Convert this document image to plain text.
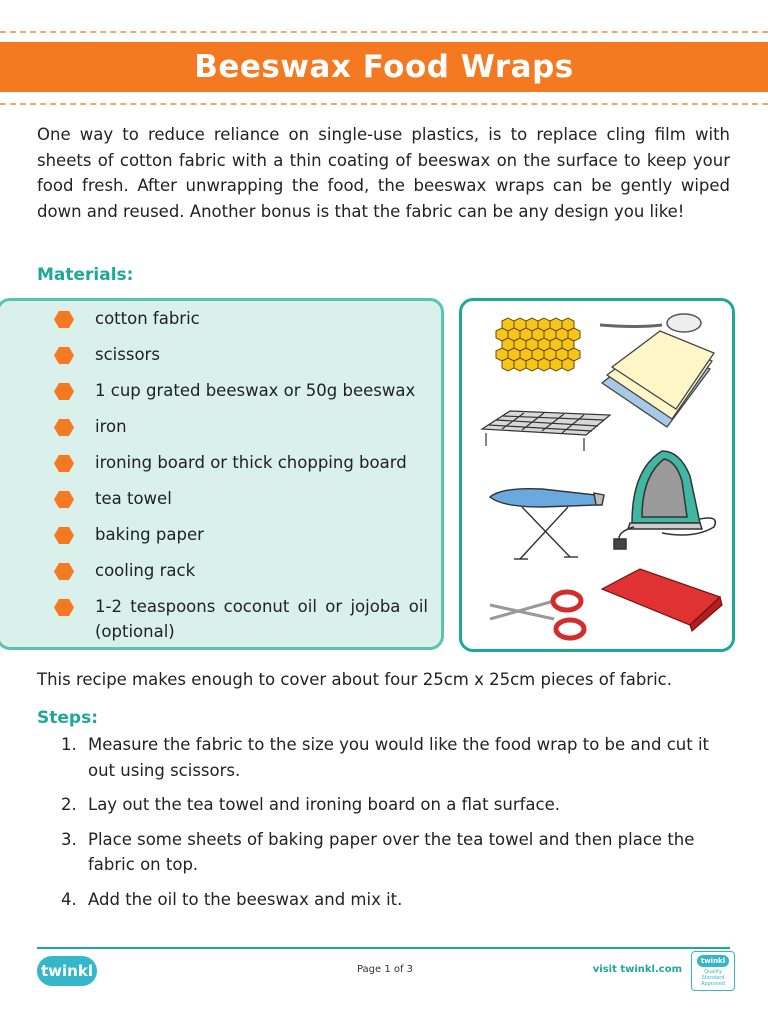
Beeswax Food Wraps

One way to reduce reliance on single-use plastics, is to replace cling film with sheets of cotton fabric with a thin coating of beeswax on the surface to keep your food fresh. After unwrapping the food, the beeswax wraps can be gently wiped down and reused. Another bonus is that the fabric can be any design you like!

Materials:
cotton fabric
scissors
1 cup grated beeswax or 50g beeswax
iron
ironing board or thick chopping board
tea towel
baking paper
cooling rack
1-2 teaspoons coconut oil or jojoba oil (optional)

This recipe makes enough to cover about four 25cm x 25cm pieces of fabric.

Steps:
1. Measure the fabric to the size you would like the food wrap to be and cut it out using scissors.
2. Lay out the tea towel and ironing board on a flat surface.
3. Place some sheets of baking paper over the tea towel and then place the fabric on top.
4. Add the oil to the beeswax and mix it.
twinkl	Page 1 of 3	visit twinkl.com
twinkl
Quality Standard Approved
